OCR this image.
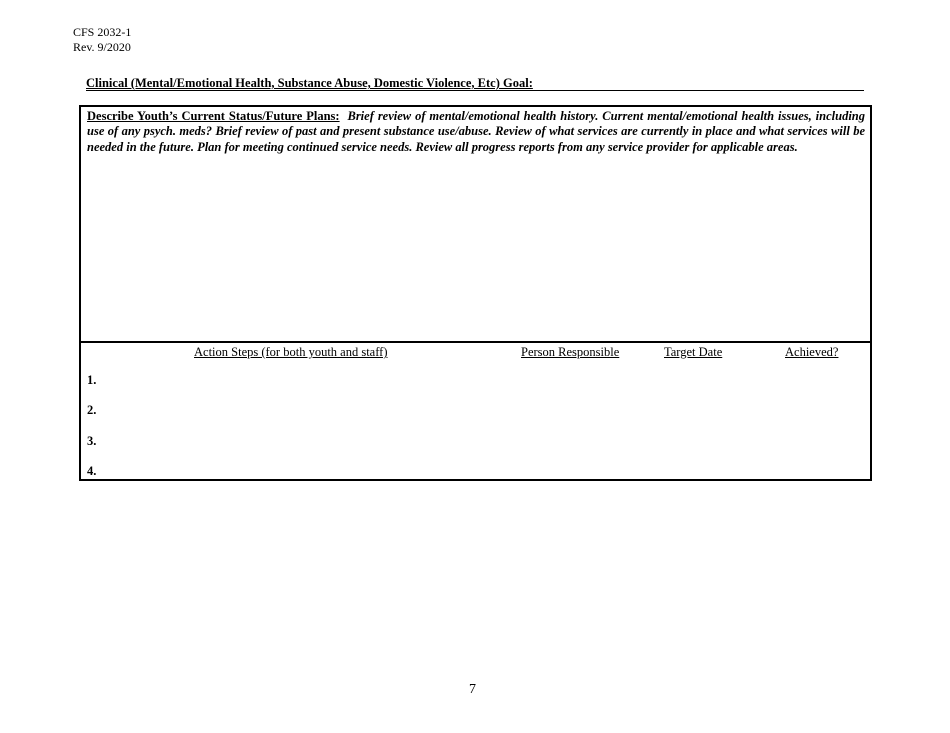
CFS 2032-1
Rev. 9/2020
Clinical (Mental/Emotional Health, Substance Abuse, Domestic Violence, Etc) Goal:
Describe Youth’s Current Status/Future Plans: Brief review of mental/emotional health history. Current mental/emotional health issues, including use of any psych. meds? Brief review of past and present substance use/abuse. Review of what services are currently in place and what services will be needed in the future. Plan for meeting continued service needs. Review all progress reports from any service provider for applicable areas.
Action Steps (for both youth and staff)	Person Responsible	Target Date	Achieved?
1.
2.
3.
4.
7
